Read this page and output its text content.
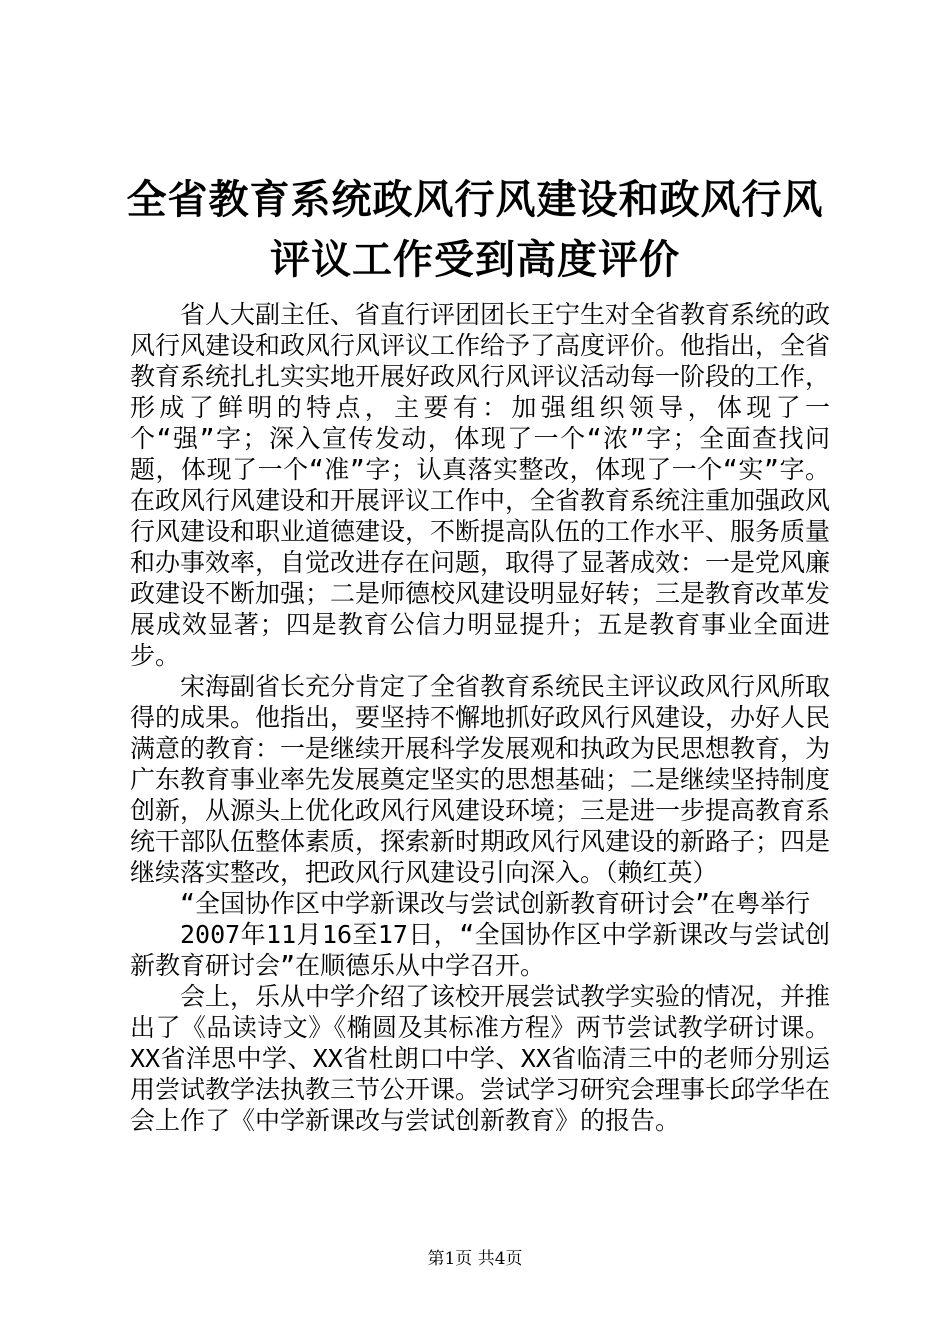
全省教育系统政风行风建设和政风行风评议工作受到高度评价

省人大副主任、省直行评团团长王宁生对全省教育系统的政风行风建设和政风行风评议工作给予了高度评价。他指出，全省教育系统扎扎实实地开展好政风行风评议活动每一阶段的工作，形成了鲜明的特点，主要有：加强组织领导，体现了一个“强”字；深入宣传发动，体现了一个“浓”字；全面查找问题，体现了一个“准”字；认真落实整改，体现了一个“实”字。在政风行风建设和开展评议工作中，全省教育系统注重加强政风行风建设和职业道德建设，不断提高队伍的工作水平、服务质量和办事效率，自觉改进存在问题，取得了显著成效：一是党风廉政建设不断加强；二是师德校风建设明显好转；三是教育改革发展成效显著；四是教育公信力明显提升；五是教育事业全面进步。

宋海副省长充分肯定了全省教育系统民主评议政风行风所取得的成果。他指出，要坚持不懈地抓好政风行风建设，办好人民满意的教育：一是继续开展科学发展观和执政为民思想教育，为广东教育事业率先发展奠定坚实的思想基础；二是继续坚持制度创新，从源头上优化政风行风建设环境；三是进一步提高教育系统干部队伍整体素质，探索新时期政风行风建设的新路子；四是继续落实整改，把政风行风建设引向深入。（赖红英）

“全国协作区中学新课改与尝试创新教育研讨会”在粤举行

2007年11月16至17日，“全国协作区中学新课改与尝试创新教育研讨会”在顺德乐从中学召开。

会上，乐从中学介绍了该校开展尝试教学实验的情况，并推出了《品读诗文》《椭圆及其标准方程》两节尝试教学研讨课。XX省洋思中学、XX省杜朗口中学、XX省临清三中的老师分别运用尝试教学法执教三节公开课。尝试学习研究会理事长邱学华在会上作了《中学新课改与尝试创新教育》的报告。

第1页 共4页
